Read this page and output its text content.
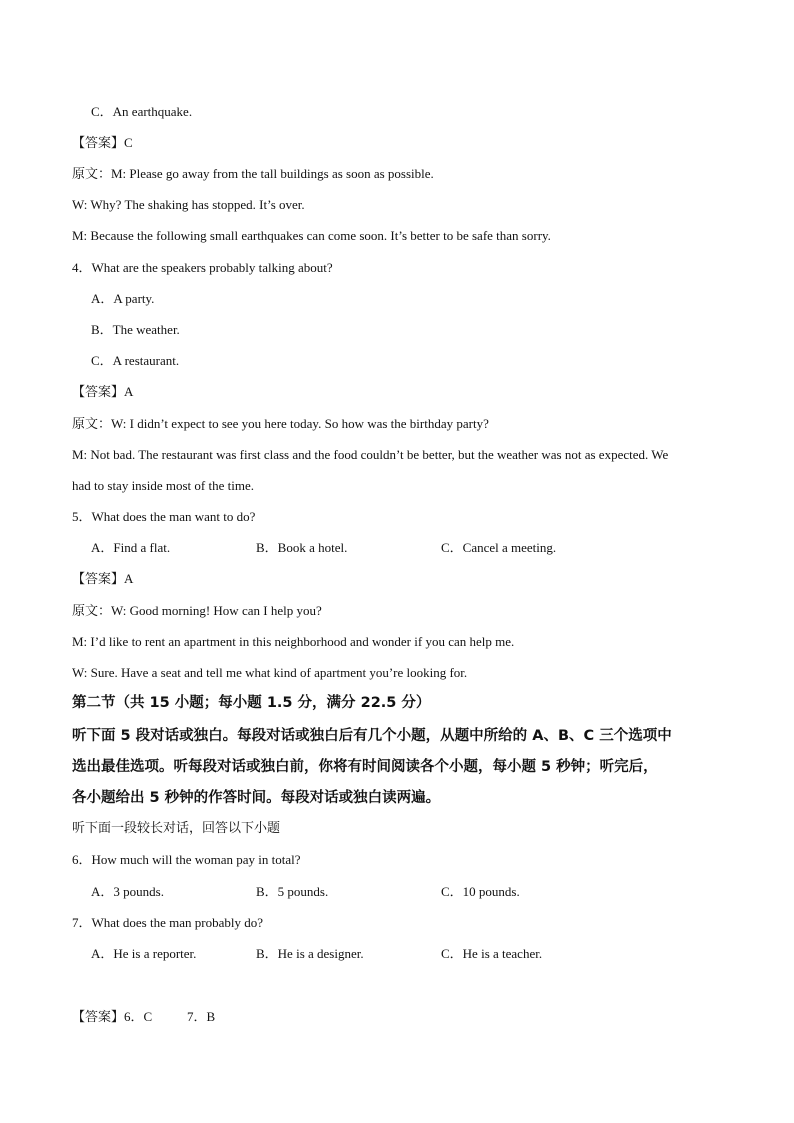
C．An earthquake.
【答案】C
原文：M: Please go away from the tall buildings as soon as possible.
W: Why? The shaking has stopped. It’s over.
M: Because the following small earthquakes can come soon. It’s better to be safe than sorry.
4．What are the speakers probably talking about?
A．A party.
B．The weather.
C．A restaurant.
【答案】A
原文：W: I didn’t expect to see you here today. So how was the birthday party?
M: Not bad. The restaurant was first class and the food couldn’t be better, but the weather was not as expected. We
had to stay inside most of the time.
5．What does the man want to do?
A．Find a flat.	B．Book a hotel.	C．Cancel a meeting.
【答案】A
原文：W: Good morning! How can I help you?
M: I’d like to rent an apartment in this neighborhood and wonder if you can help me.
W: Sure. Have a seat and tell me what kind of apartment you’re looking for.
第二节（共 15 小题；每小题 1.5 分，满分 22.5 分）
听下面 5 段对话或独白。每段对话或独白后有几个小题，从题中所给的 A、B、C 三个选项中
选出最佳选项。听每段对话或独白前，你将有时间阅读各个小题，每小题 5 秒钟；听完后，
各小题给出 5 秒钟的作答时间。每段对话或独白读两遍。
听下面一段较长对话，回答以下小题
6．How much will the woman pay in total?
A．3 pounds.	B．5 pounds.	C．10 pounds.
7．What does the man probably do?
A．He is a reporter.	B．He is a designer.	C．He is a teacher.
【答案】6．C	7．B
